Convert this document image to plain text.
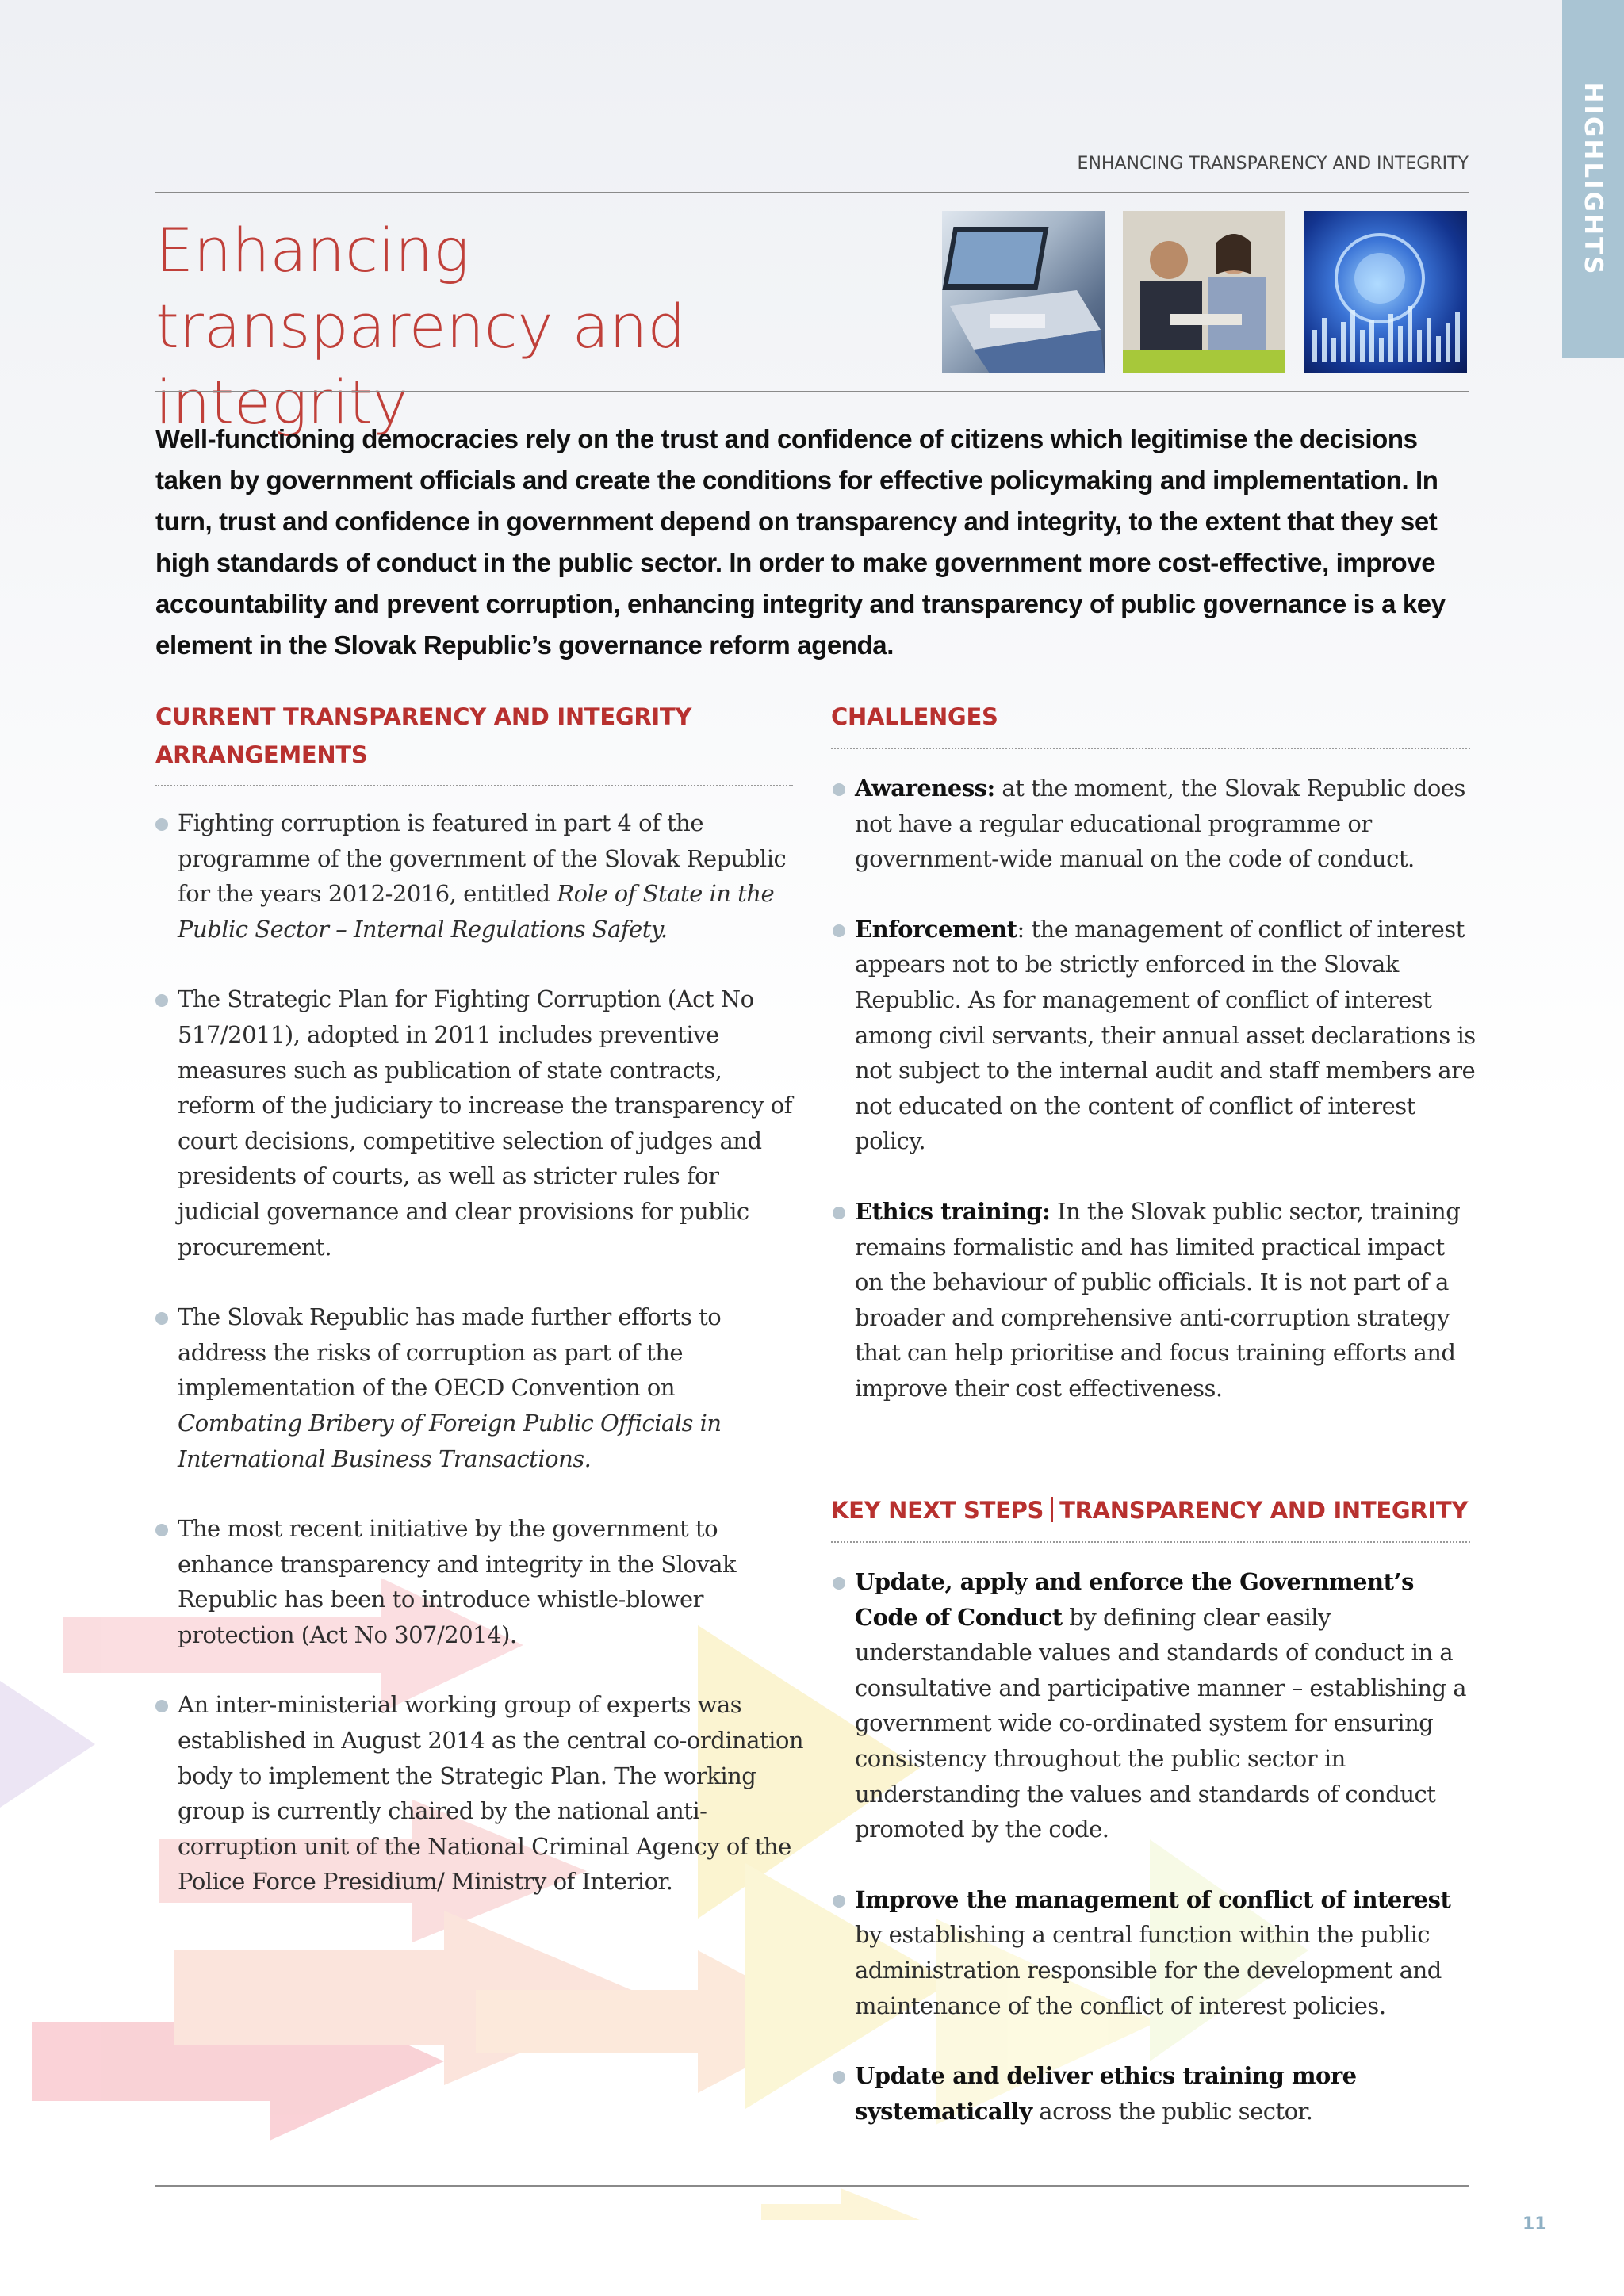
HIGHLIGHTS
ENHANCING TRANSPARENCY AND INTEGRITY
Enhancing transparency and integrity

Well-functioning democracies rely on the trust and confidence of citizens which legitimise the decisions taken by government officials and create the conditions for effective policymaking and implementation. In turn, trust and confidence in government depend on transparency and integrity, to the extent that they set high standards of conduct in the public sector. In order to make government more cost-effective, improve accountability and prevent corruption, enhancing integrity and transparency of public governance is a key element in the Slovak Republic’s governance reform agenda.

CURRENT TRANSPARENCY AND INTEGRITY ARRANGEMENTS
Fighting corruption is featured in part 4 of the programme of the government of the Slovak Republic for the years 2012-2016, entitled Role of State in the Public Sector – Internal Regulations Safety.
The Strategic Plan for Fighting Corruption (Act No 517/2011), adopted in 2011 includes preventive measures such as publication of state contracts, reform of the judiciary to increase the transparency of court decisions, competitive selection of judges and presidents of courts, as well as stricter rules for judicial governance and clear provisions for public procurement.
The Slovak Republic has made further efforts to address the risks of corruption as part of the implementation of the OECD Convention on Combating Bribery of Foreign Public Officials in International Business Transactions.
The most recent initiative by the government to enhance transparency and integrity in the Slovak Republic has been to introduce whistle-blower protection (Act No 307/2014).
An inter-ministerial working group of experts was established in August 2014 as the central co-ordination body to implement the Strategic Plan. The working group is currently chaired by the national anti-corruption unit of the National Criminal Agency of the Police Force Presidium/ Ministry of Interior.
CHALLENGES
Awareness: at the moment, the Slovak Republic does not have a regular educational programme or government-wide manual on the code of conduct.
Enforcement: the management of conflict of interest appears not to be strictly enforced in the Slovak Republic. As for management of conflict of interest among civil servants, their annual asset declarations is not subject to the internal audit and staff members are not educated on the content of conflict of interest policy.
Ethics training: In the Slovak public sector, training remains formalistic and has limited practical impact on the behaviour of public officials. It is not part of a broader and comprehensive anti-corruption strategy that can help prioritise and focus training efforts and improve their cost effectiveness.
KEY NEXT STEPS TRANSPARENCY AND INTEGRITY
Update, apply and enforce the Government’s Code of Conduct by defining clear easily understandable values and standards of conduct in a consultative and participative manner – establishing a government wide co-ordinated system for ensuring consistency throughout the public sector in understanding the values and standards of conduct promoted by the code.
Improve the management of conflict of interest by establishing a central function within the public administration responsible for the development and maintenance of the conflict of interest policies.
Update and deliver ethics training more systematically across the public sector.
11
